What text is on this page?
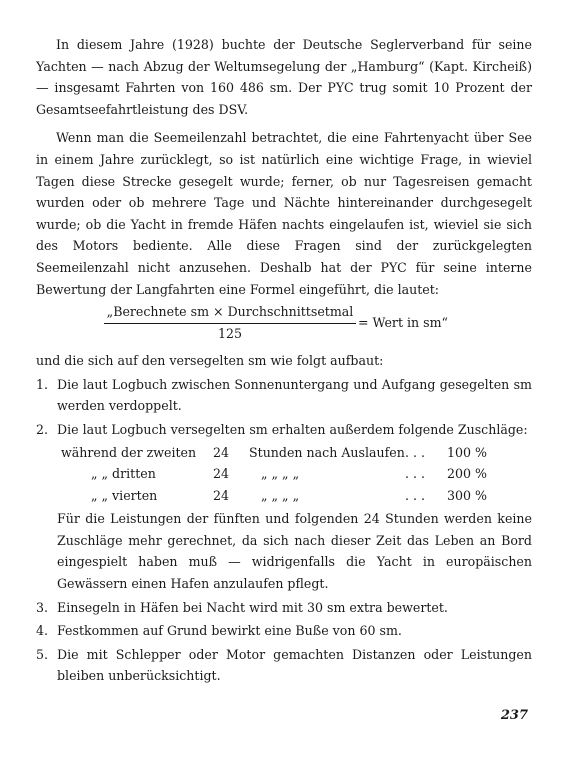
In diesem Jahre (1928) buchte der Deutsche Seglerverband für seine Yachten — nach Abzug der Weltumsegelung der „Hamburg“ (Kapt. Kircheiß) — insgesamt Fahrten von 160 486 sm. Der PYC trug somit 10 Prozent der Gesamtseefahrtleistung des DSV.

Wenn man die Seemeilenzahl betrachtet, die eine Fahrtenyacht über See in einem Jahre zurücklegt, so ist natürlich eine wichtige Frage, in wieviel Tagen diese Strecke gesegelt wurde; ferner, ob nur Tagesreisen gemacht wurden oder ob mehrere Tage und Nächte hintereinander durchgesegelt wurde; ob die Yacht in fremde Häfen nachts eingelaufen ist, wieviel sie sich des Motors bediente. Alle diese Fragen sind der zurückgelegten Seemeilenzahl nicht anzusehen. Deshalb hat der PYC für seine interne Bewertung der Langfahrten eine Formel eingeführt, die lautet:

„Berechnete sm × Durchschnittsetmal
125
= Wert in sm“

und die sich auf den versegelten sm wie folgt aufbaut:

1. Die laut Logbuch zwischen Sonnenuntergang und Aufgang gesegelten sm werden verdoppelt.
2. Die laut Logbuch versegelten sm erhalten außerdem folgende Zuschläge:
während der zweiten	24	Stunden nach Auslaufen	. . .	100 %
„ „ dritten	24	„ „ „ „	. . .	200 %
„ „ vierten	24	„ „ „ „	. . .	300 %
Für die Leistungen der fünften und folgenden 24 Stunden werden keine Zuschläge mehr gerechnet, da sich nach dieser Zeit das Leben an Bord eingespielt haben muß — widrigenfalls die Yacht in europäischen Gewässern einen Hafen anzulaufen pflegt.
3. Einsegeln in Häfen bei Nacht wird mit 30 sm extra bewertet.
4. Festkommen auf Grund bewirkt eine Buße von 60 sm.
5. Die mit Schlepper oder Motor gemachten Distanzen oder Leistungen bleiben unberücksichtigt.
237
